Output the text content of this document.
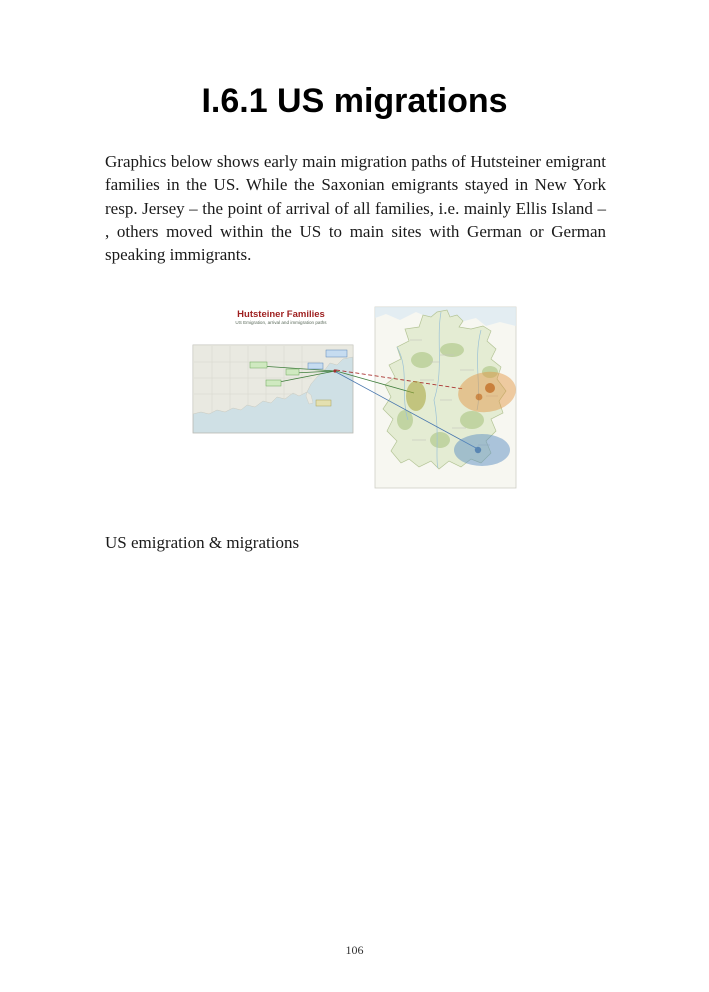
I.6.1 US migrations

Graphics below shows early main migration paths of Hutsteiner emigrant families in the US. While the Saxonian emigrants stayed in New York resp. Jersey – the point of arrival of all families, i.e. mainly Ellis Island – , others moved within the US to main sites with German or German speaking immigrants.

Hutsteiner Families
US Emigration, arrival and immigration paths
US emigration & migrations
106
